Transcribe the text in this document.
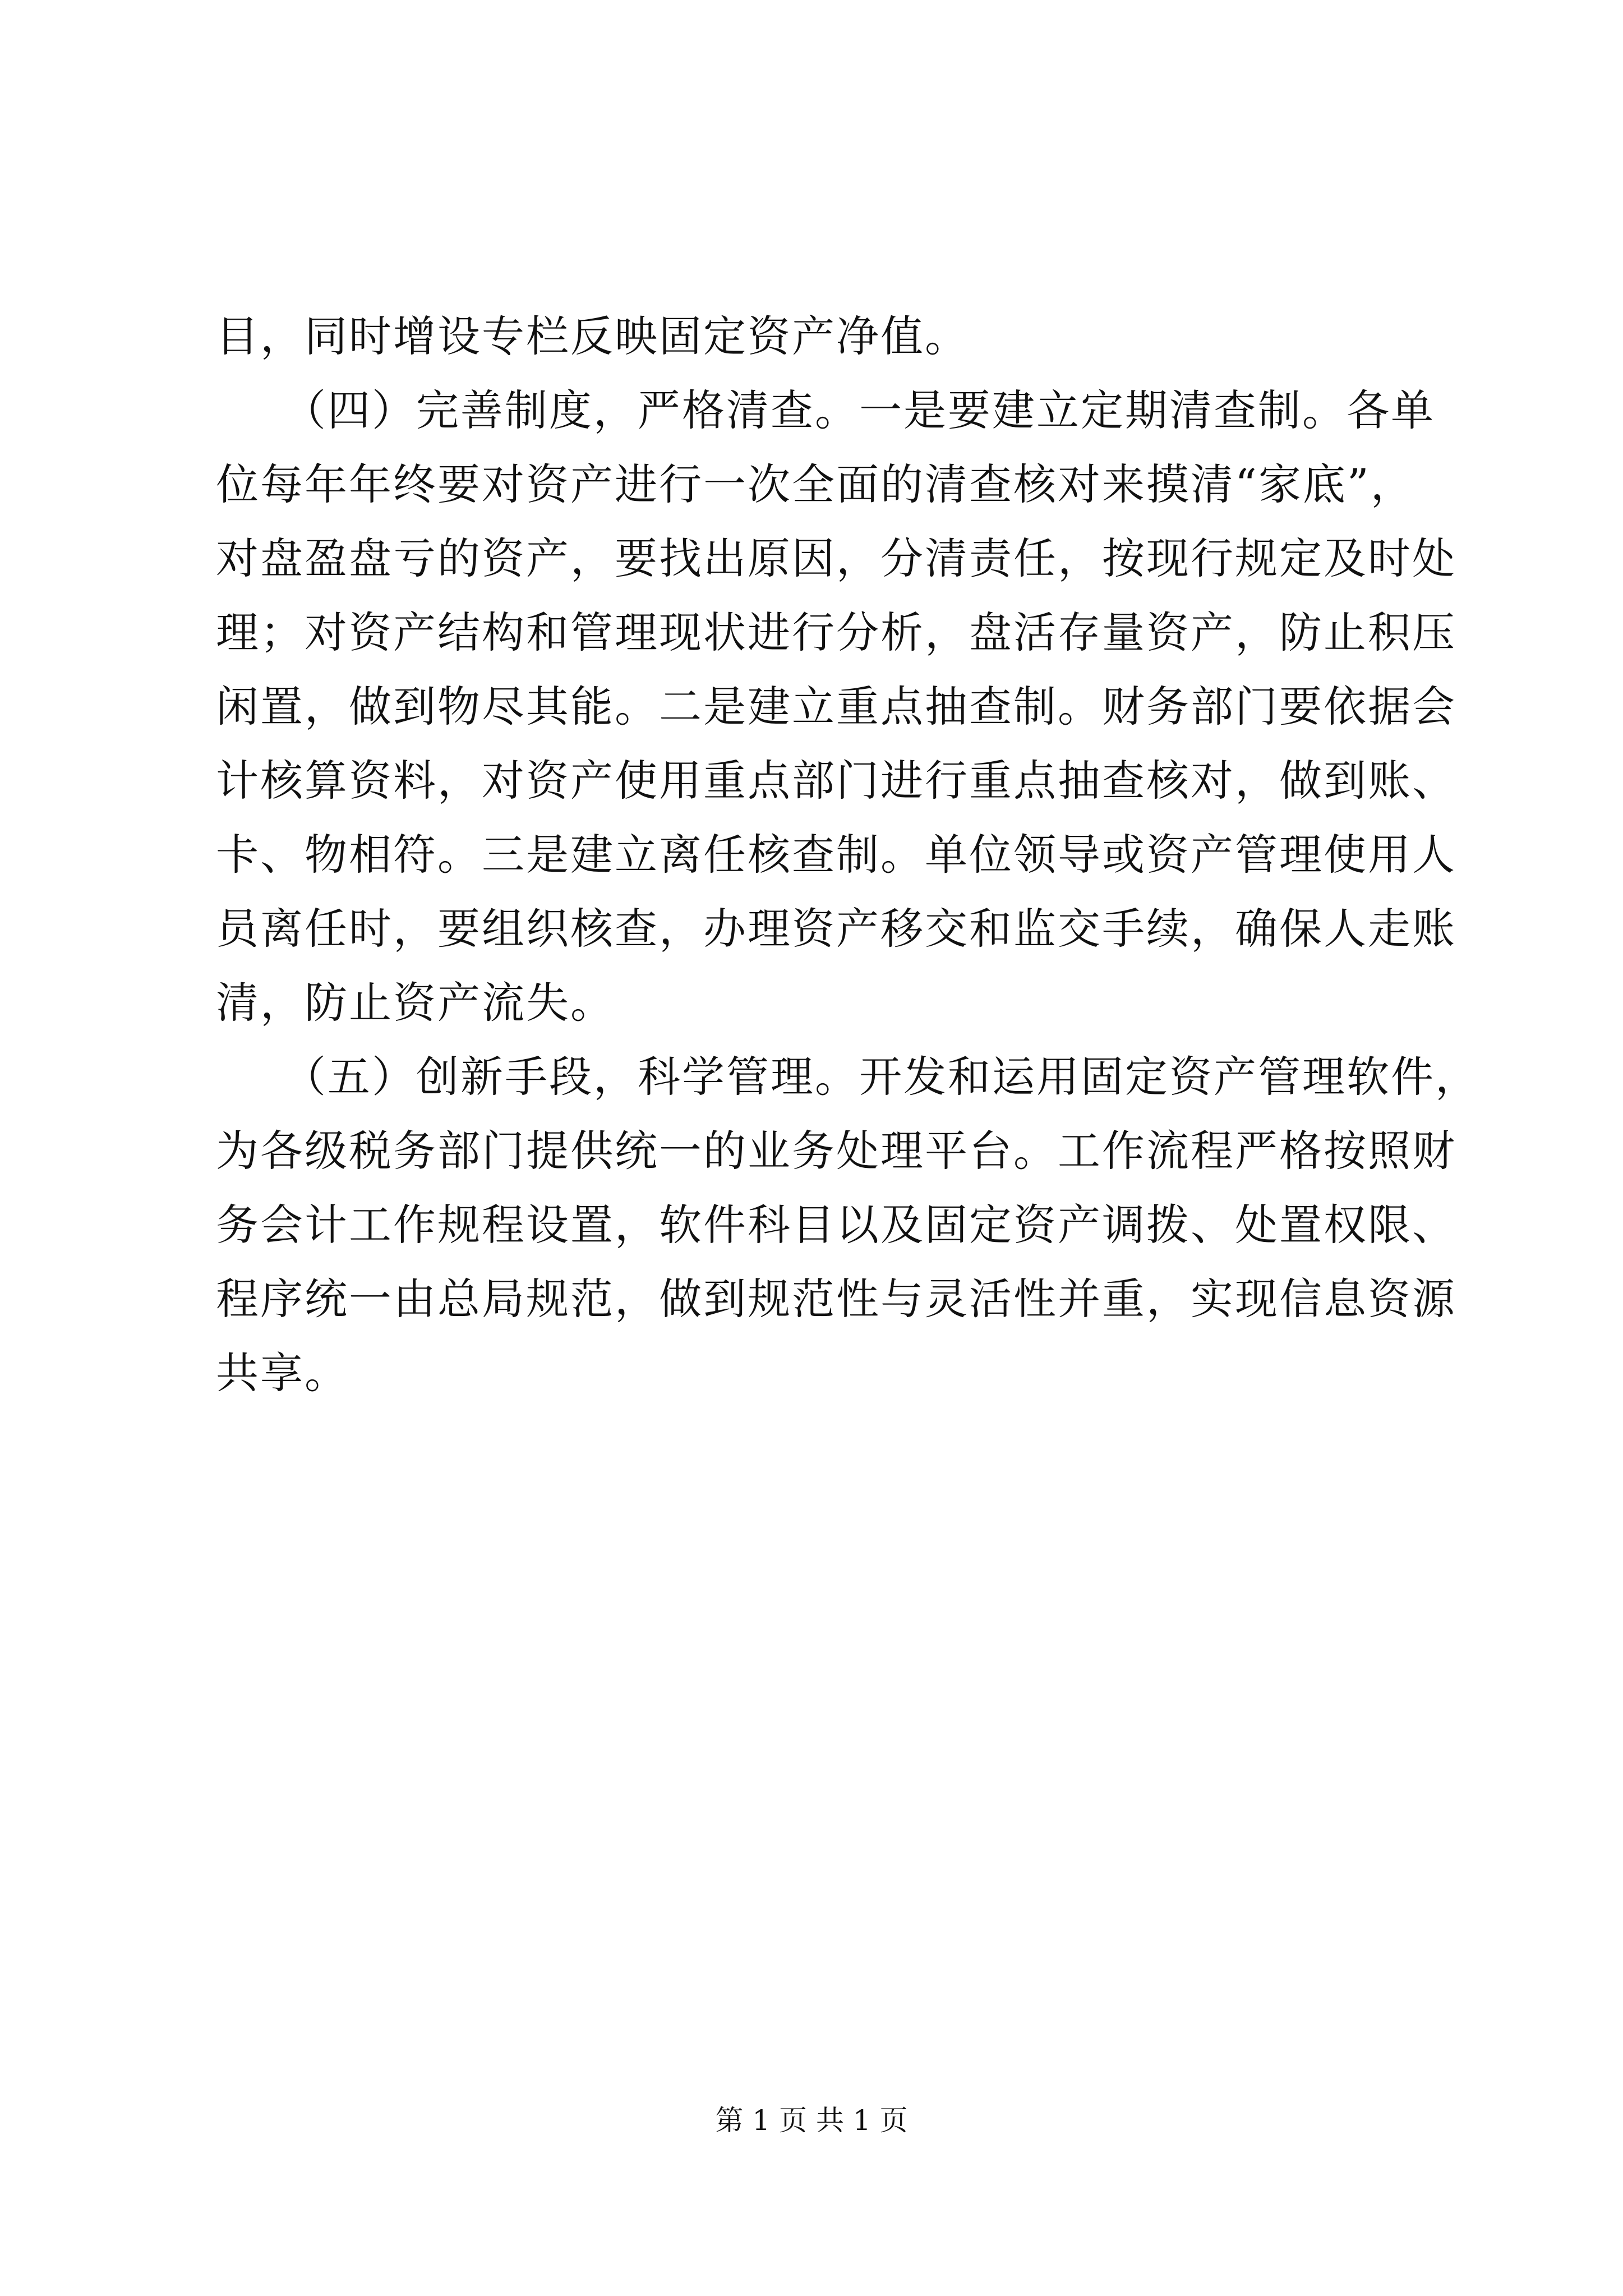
目，同时增设专栏反映固定资产净值。
　　（四）完善制度，严格清查。一是要建立定期清查制。各单
位每年年终要对资产进行一次全面的清查核对来摸清“家底”，
对盘盈盘亏的资产，要找出原因，分清责任，按现行规定及时处
理；对资产结构和管理现状进行分析，盘活存量资产，防止积压
闲置，做到物尽其能。二是建立重点抽查制。财务部门要依据会
计核算资料，对资产使用重点部门进行重点抽查核对，做到账、
卡、物相符。三是建立离任核查制。单位领导或资产管理使用人
员离任时，要组织核查，办理资产移交和监交手续，确保人走账
清，防止资产流失。
　　（五）创新手段，科学管理。开发和运用固定资产管理软件，
为各级税务部门提供统一的业务处理平台。工作流程严格按照财
务会计工作规程设置，软件科目以及固定资产调拨、处置权限、
程序统一由总局规范，做到规范性与灵活性并重，实现信息资源
共享。
第 1 页 共 1 页
